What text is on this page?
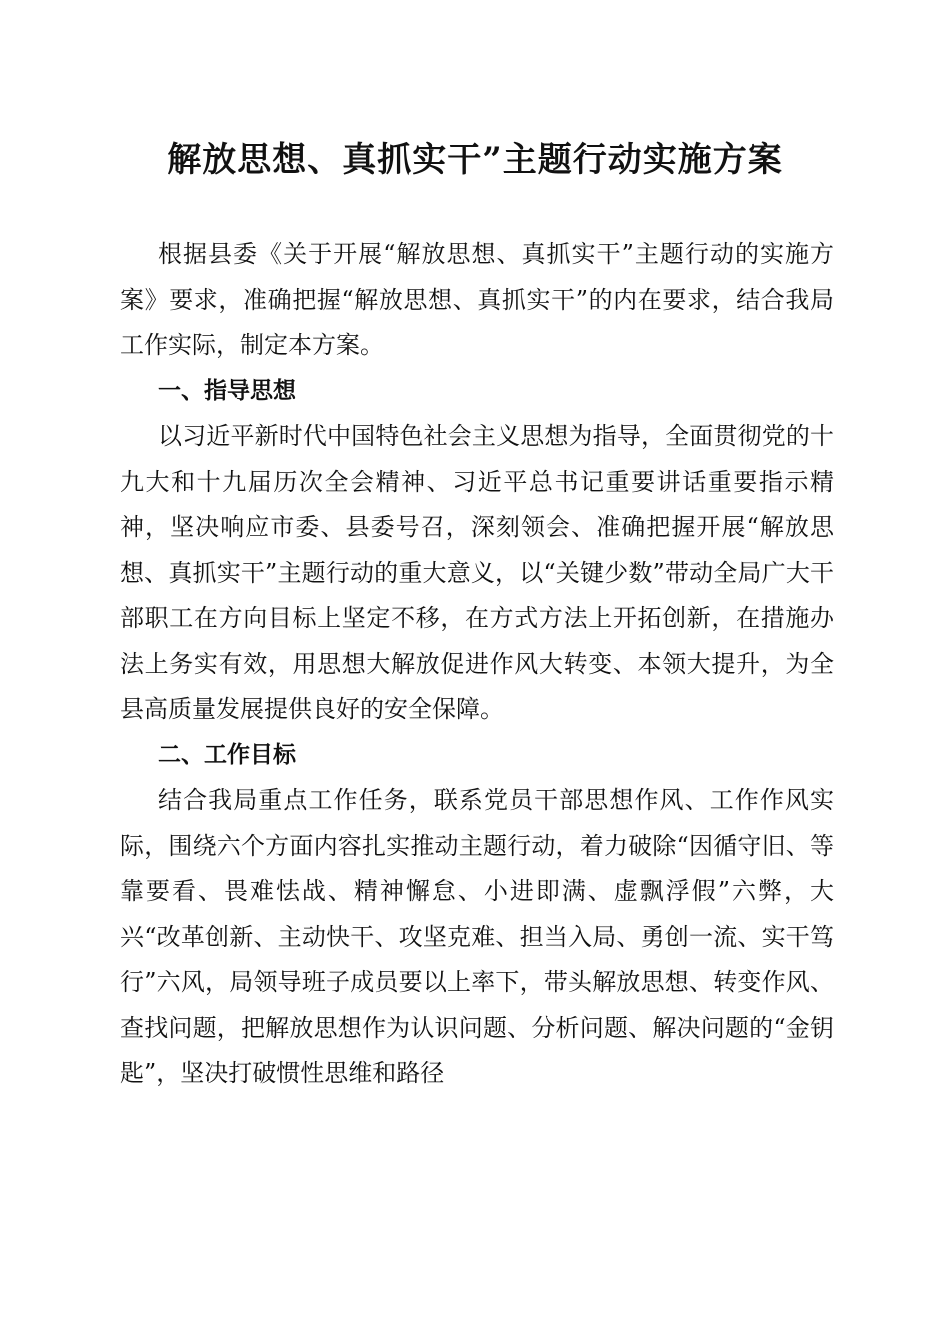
解放思想、真抓实干”主题行动实施方案

根据县委《关于开展“解放思想、真抓实干”主题行动的实施方案》要求，准确把握“解放思想、真抓实干”的内在要求，结合我局工作实际，制定本方案。

一、指导思想

以习近平新时代中国特色社会主义思想为指导，全面贯彻党的十九大和十九届历次全会精神、习近平总书记重要讲话重要指示精神，坚决响应市委、县委号召，深刻领会、准确把握开展“解放思想、真抓实干”主题行动的重大意义，以“关键少数”带动全局广大干部职工在方向目标上坚定不移，在方式方法上开拓创新，在措施办法上务实有效，用思想大解放促进作风大转变、本领大提升，为全县高质量发展提供良好的安全保障。

二、工作目标

结合我局重点工作任务，联系党员干部思想作风、工作作风实际，围绕六个方面内容扎实推动主题行动，着力破除“因循守旧、等靠要看、畏难怯战、精神懈怠、小进即满、虚飘浮假”六弊，大兴“改革创新、主动快干、攻坚克难、担当入局、勇创一流、实干笃行”六风，局领导班子成员要以上率下，带头解放思想、转变作风、查找问题，把解放思想作为认识问题、分析问题、解决问题的“金钥匙”，坚决打破惯性思维和路径
